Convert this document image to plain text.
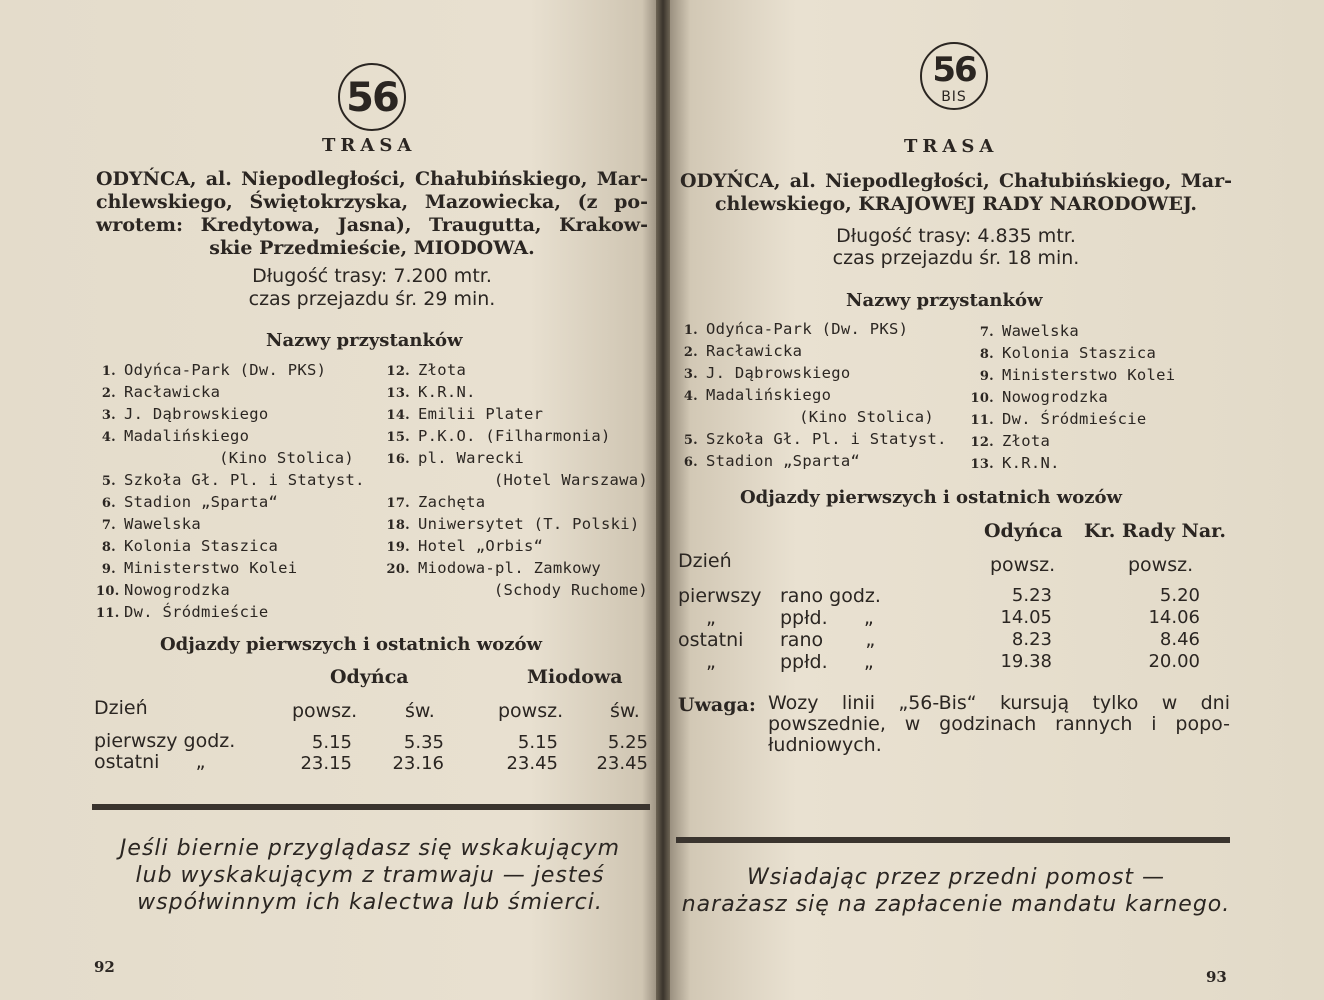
56
TRASA
ODYŃCA, al. Niepodległości, Chałubińskiego, Mar-
chlewskiego, Świętokrzyska, Mazowiecka, (z po-
wrotem: Kredytowa, Jasna), Traugutta, Krakow-
skie Przedmieście, MIODOWA.
Długość trasy: 7.200 mtr.
czas przejazdu śr. 29 min.
Nazwy przystanków
1. Odyńca-Park (Dw. PKS)
2. Racławicka
3. J. Dąbrowskiego
4. Madalińskiego
(Kino Stolica)
5. Szkoła Gł. Pl. i Statyst.
6. Stadion „Sparta“
7. Wawelska
8. Kolonia Staszica
9. Ministerstwo Kolei
10. Nowogrodzka
11. Dw. Śródmieście
12. Złota
13. K.R.N.
14. Emilii Plater
15. P.K.O. (Filharmonia)
16. pl. Warecki
(Hotel Warszawa)
17. Zachęta
18. Uniwersytet (T. Polski)
19. Hotel „Orbis“
20. Miodowa-pl. Zamkowy
(Schody Ruchome)
Odjazdy pierwszych i ostatnich wozów
Odyńca	Miodowa
Dzień	powsz.	św.	powsz. św.
pierwszy godz.	5.15	5.35	5.15	5.25
ostatni      „	23.15	23.16	23.45	23.45
Jeśli biernie przyglądasz się wskakującym
lub wyskakującym z tramwaju — jesteś
współwinnym ich kalectwa lub śmierci.
92
56
BIS
TRASA
ODYŃCA, al. Niepodległości, Chałubińskiego, Mar-
chlewskiego, KRAJOWEJ RADY NARODOWEJ.
Długość trasy: 4.835 mtr.
czas przejazdu śr. 18 min.
Nazwy przystanków
1. Odyńca-Park (Dw. PKS)
2. Racławicka
3. J. Dąbrowskiego
4. Madalińskiego
(Kino Stolica)
5. Szkoła Gł. Pl. i Statyst.
6. Stadion „Sparta“
7. Wawelska
8. Kolonia Staszica
9. Ministerstwo Kolei
10. Nowogrodzka
11. Dw. Śródmieście
12. Złota
13. K.R.N.
Odjazdy pierwszych i ostatnich wozów
Odyńca Kr. Rady Nar.
Dzień	powsz.	powsz.
pierwszy rano godz.	5.23	5.20
„	ppłd.      „	14.05	14.06
ostatni rano       „	8.23	8.46
„	ppłd.      „	19.38	20.00
Uwaga: Wozy linii „56-Bis“ kursują tylko w dni
powszednie, w godzinach rannych i popo-
łudniowych.
Wsiadając przez przedni pomost —
narażasz się na zapłacenie mandatu karnego.
93
